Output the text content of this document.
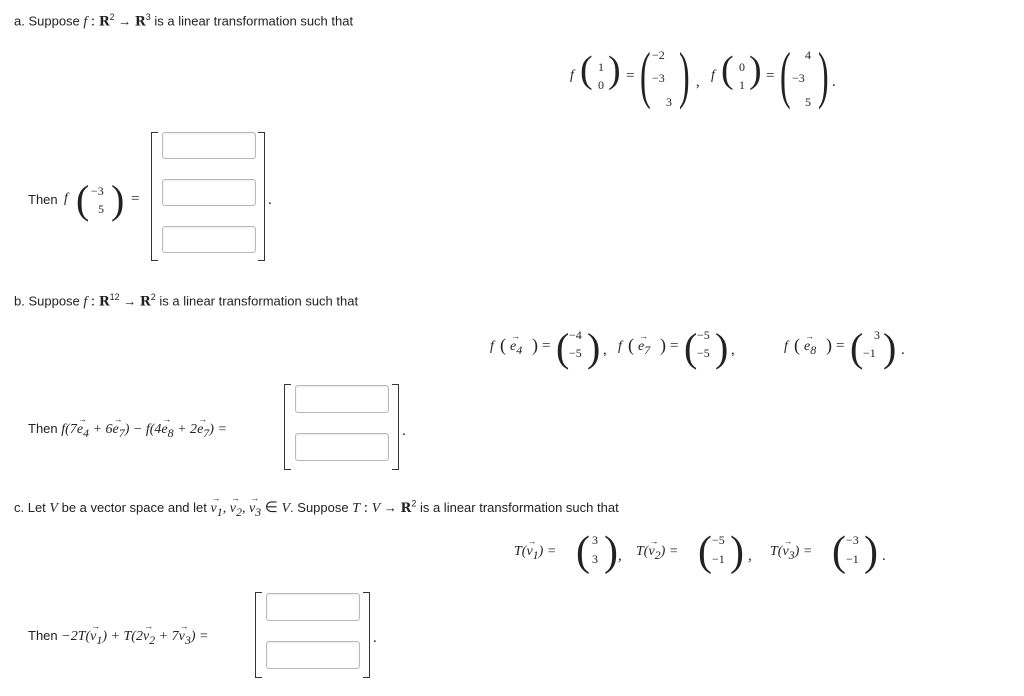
a. Suppose f : $R^2 \to R^3$ is a linear transformation such that
f ( 1
0 ) = ( −2
−3
3 ) , f ( 0
1 ) = ( 4
−3
5 ) .
Then f ( −3
5 ) =	.
b. Suppose f : $R^{12} \to R^2$ is a linear transformation such that
f ( → $e_4$ ) = ( −4
−5 ) , f ( → $e_7$ ) = ( −5
−5 ) ,	f ( → $e_8$ ) = ( 3
−1 ) .
Then $f(7\to e_4 + 6\to e_7) - f(4\to e_8 + 2\to e_7)$ =	.
c. Let V be a vector space and let → $v_1$, → $v_2$, → $v_3$ ∈ V. Suppose T : $V \to R^2$ is a linear transformation such that
$T(\to v_1)$ = ( 3
3 ) , $T(\to v_2)$ = ( −5
−1 ) , $T(\to v_3)$ = ( −3
−1 ) .
Then $-2T(\to v_1) + T(2\to v_2 + 7\to v_3)$ =	.
